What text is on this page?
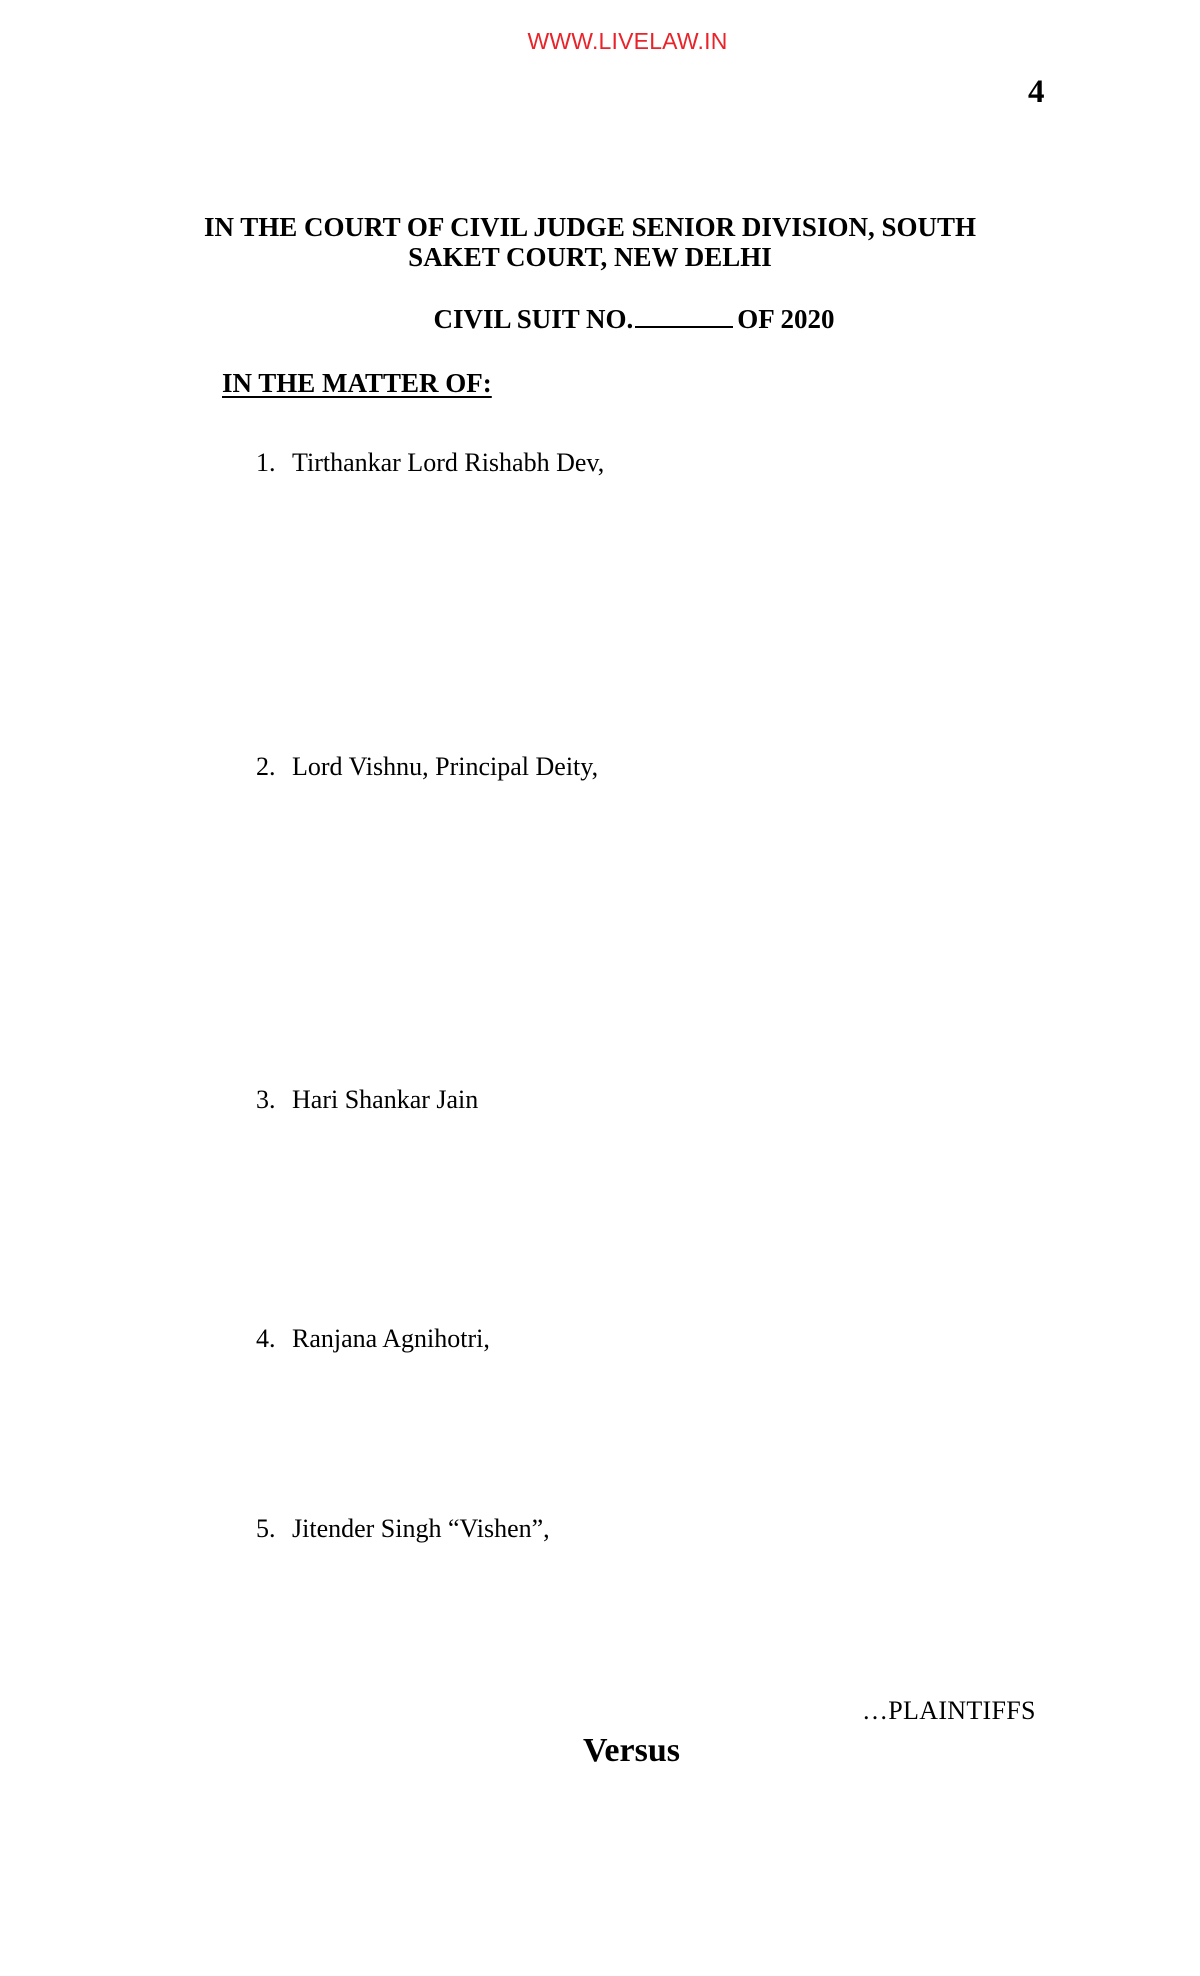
WWW.LIVELAW.IN
4
IN THE COURT OF CIVIL JUDGE SENIOR DIVISION, SOUTH
SAKET COURT, NEW DELHI
CIVIL SUIT NO.	OF 2020
IN THE MATTER OF:
1. Tirthankar Lord Rishabh Dev,
2. Lord Vishnu, Principal Deity,
3. Hari Shankar Jain
4. Ranjana Agnihotri,
5. Jitender Singh “Vishen”,
…PLAINTIFFS
Versus
